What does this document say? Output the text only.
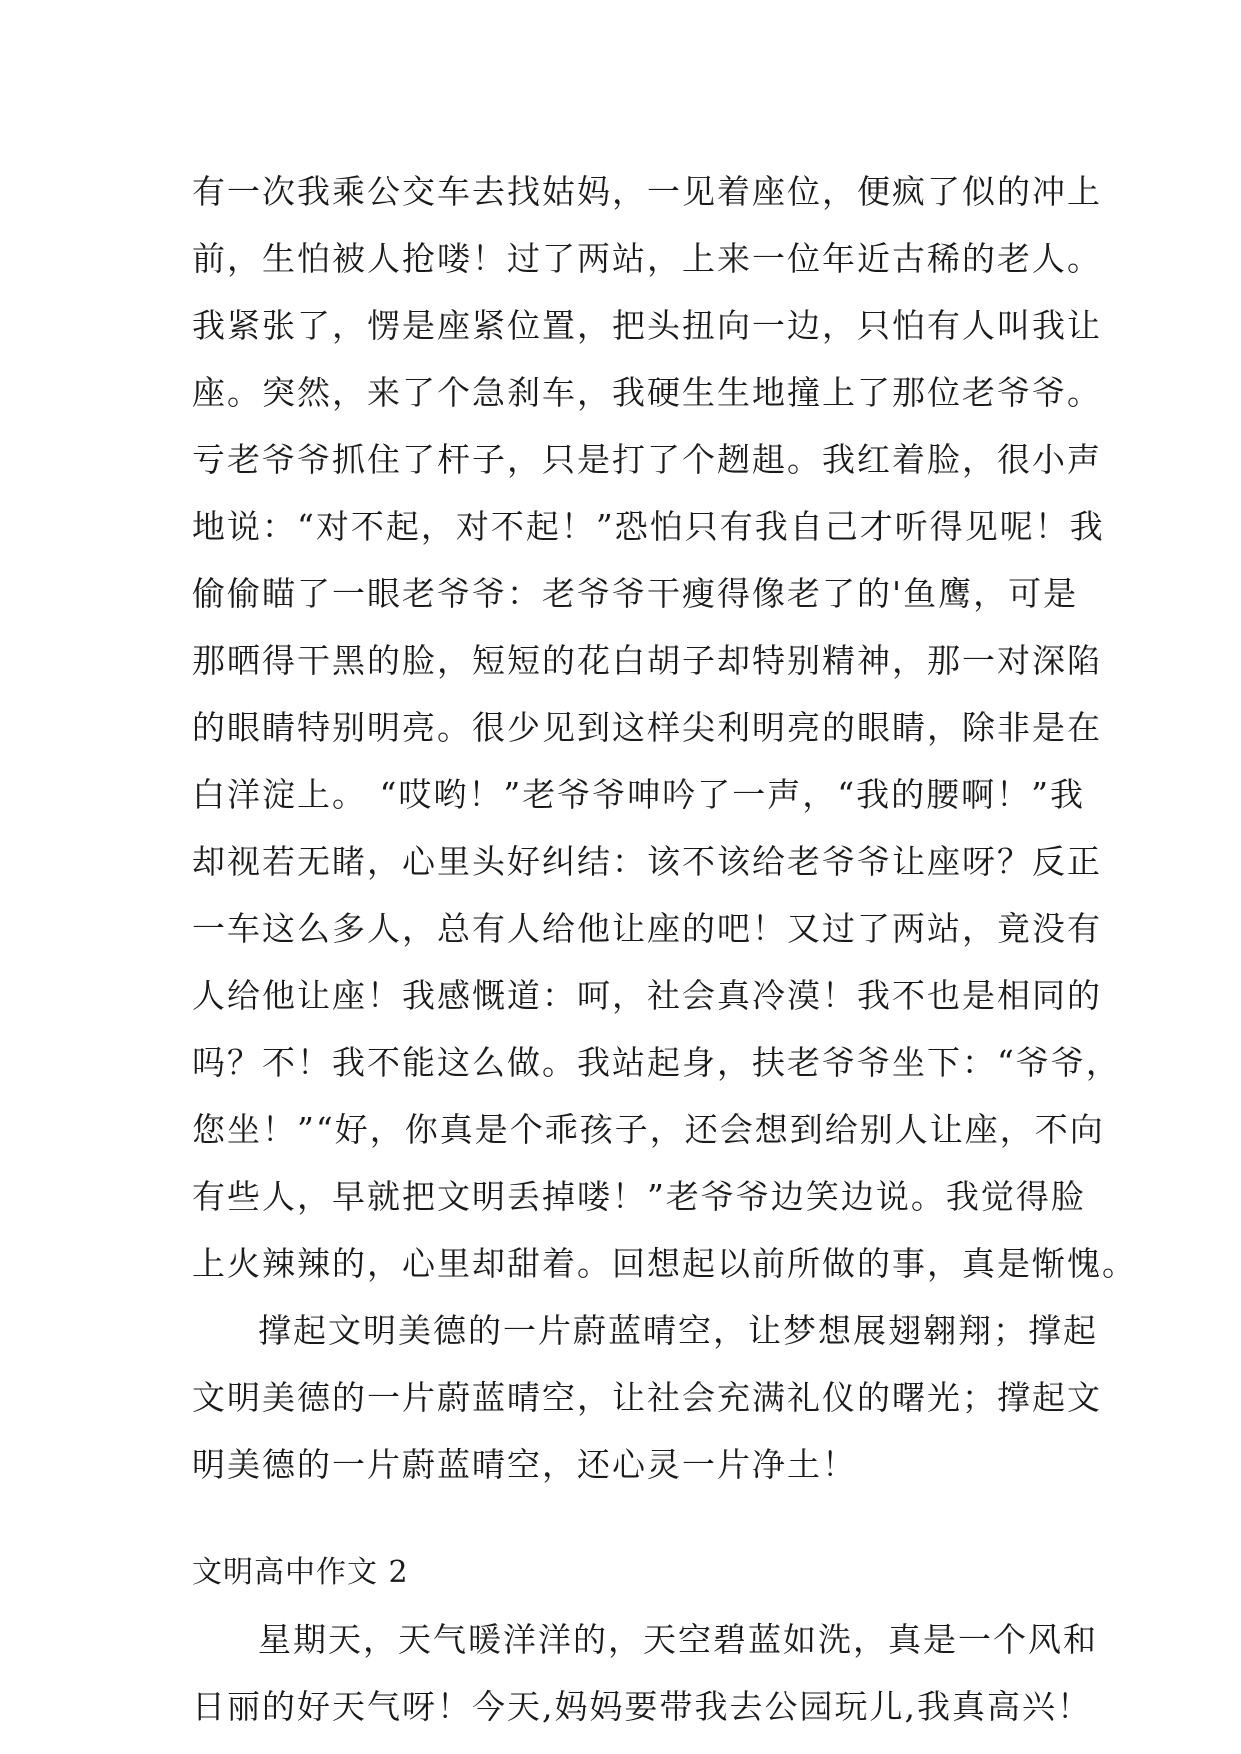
有一次我乘公交车去找姑妈，一见着座位，便疯了似的冲上
前，生怕被人抢喽！过了两站，上来一位年近古稀的老人。
我紧张了，愣是座紧位置，把头扭向一边，只怕有人叫我让
座。突然，来了个急刹车，我硬生生地撞上了那位老爷爷。
亏老爷爷抓住了杆子，只是打了个趔趄。我红着脸，很小声
地说：“对不起，对不起！”恐怕只有我自己才听得见呢！我
偷偷瞄了一眼老爷爷：老爷爷干瘦得像老了的'鱼鹰，可是
那晒得干黑的脸，短短的花白胡子却特别精神，那一对深陷
的眼睛特别明亮。很少见到这样尖利明亮的眼睛，除非是在
白洋淀上。 “哎哟！”老爷爷呻吟了一声，“我的腰啊！”我
却视若无睹，心里头好纠结：该不该给老爷爷让座呀？反正
一车这么多人，总有人给他让座的吧！又过了两站，竟没有
人给他让座！我感慨道：呵，社会真冷漠！我不也是相同的
吗？不！我不能这么做。我站起身，扶老爷爷坐下：“爷爷，
您坐！”“好，你真是个乖孩子，还会想到给别人让座，不向
有些人，早就把文明丢掉喽！”老爷爷边笑边说。我觉得脸
上火辣辣的，心里却甜着。回想起以前所做的事，真是惭愧。
撑起文明美德的一片蔚蓝晴空，让梦想展翅翱翔；撑起
文明美德的一片蔚蓝晴空，让社会充满礼仪的曙光；撑起文
明美德的一片蔚蓝晴空，还心灵一片净土！
文明高中作文 2
星期天，天气暖洋洋的，天空碧蓝如洗，真是一个风和
日丽的好天气呀！今天,妈妈要带我去公园玩儿,我真高兴！
